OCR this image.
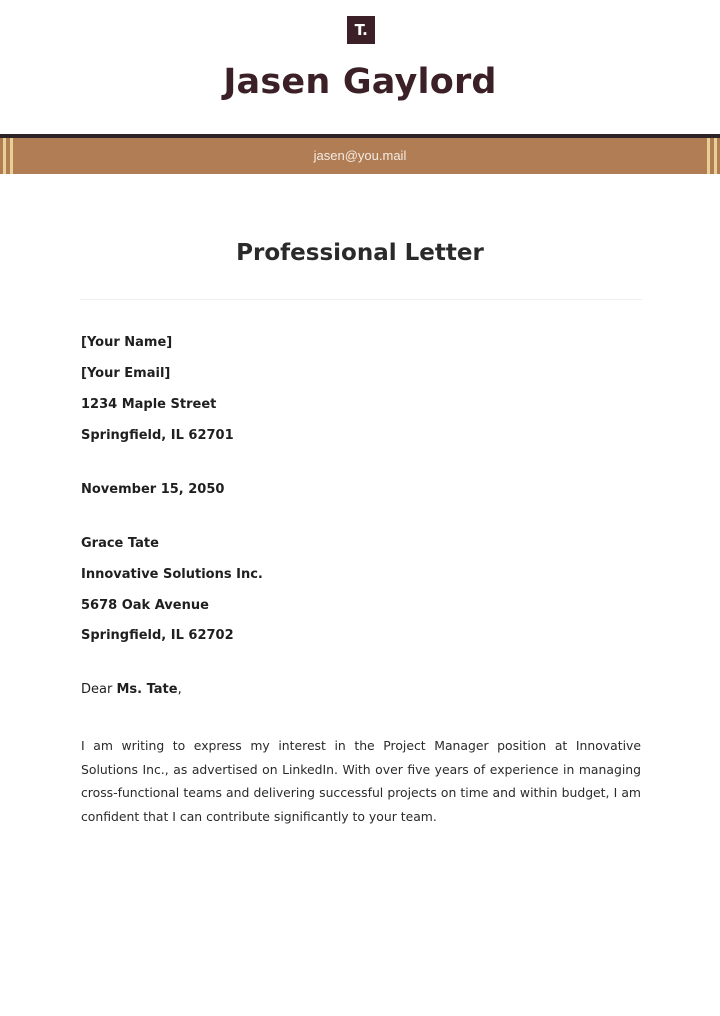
T.
Jasen Gaylord
jasen@you.mail
Professional Letter
[Your Name]
[Your Email]
1234 Maple Street
Springfield, IL 62701
November 15, 2050
Grace Tate
Innovative Solutions Inc.
5678 Oak Avenue
Springfield, IL 62702
Dear Ms. Tate,
I am writing to express my interest in the Project Manager position at Innovative Solutions Inc., as advertised on LinkedIn. With over five years of experience in managing cross-functional teams and delivering successful projects on time and within budget, I am confident that I can contribute significantly to your team.
